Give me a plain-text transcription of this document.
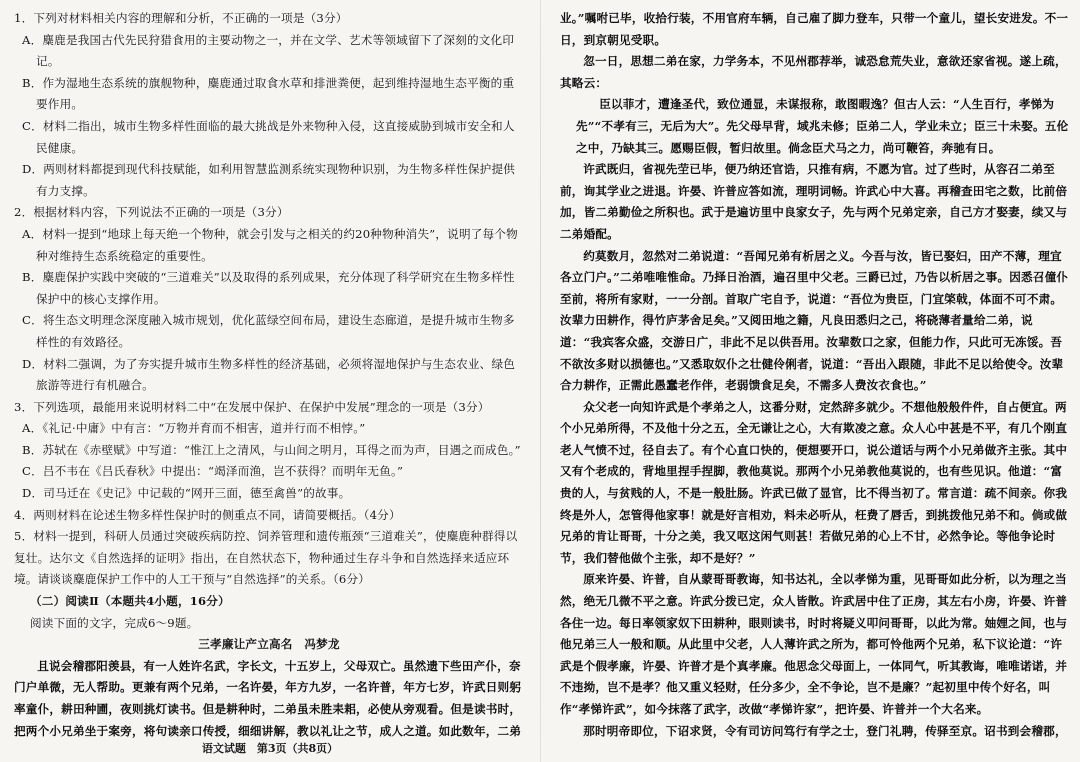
1．下列对材料相关内容的理解和分析，不正确的一项是（3分）

A．麋鹿是我国古代先民狩猎食用的主要动物之一，并在文学、艺术等领域留下了深刻的文化印记。

B．作为湿地生态系统的旗舰物种，麋鹿通过取食水草和排泄粪便，起到维持湿地生态平衡的重要作用。

C．材料二指出，城市生物多样性面临的最大挑战是外来物种入侵，这直接威胁到城市安全和人民健康。

D．两则材料都提到现代科技赋能，如利用智慧监测系统实现物种识别，为生物多样性保护提供有力支撑。

2．根据材料内容，下列说法不正确的一项是（3分）

A．材料一提到“地球上每天绝一个物种，就会引发与之相关的约20种物种消失”，说明了每个物种对维持生态系统稳定的重要性。

B．麋鹿保护实践中突破的“三道难关”以及取得的系列成果，充分体现了科学研究在生物多样性保护中的核心支撑作用。

C．将生态文明理念深度融入城市规划，优化蓝绿空间布局，建设生态廊道，是提升城市生物多样性的有效路径。

D．材料二强调，为了夯实提升城市生物多样性的经济基础，必须将湿地保护与生态农业、绿色旅游等进行有机融合。

3．下列选项，最能用来说明材料二中“在发展中保护、在保护中发展”理念的一项是（3分）

A．《礼记·中庸》中有言：“万物并育而不相害，道并行而不相悖。”

B．苏轼在《赤壁赋》中写道：“惟江上之清风，与山间之明月，耳得之而为声，目遇之而成色。”

C．吕不韦在《吕氏春秋》中提出：“竭泽而渔，岂不获得？而明年无鱼。”

D．司马迁在《史记》中记载的“网开三面，德至禽兽”的故事。

4．两则材料在论述生物多样性保护时的侧重点不同，请简要概括。（4分）

5．材料一提到，科研人员通过突破疾病防控、饲养管理和遗传瓶颈“三道难关”，使麋鹿种群得以复壮。达尔文《自然选择的证明》指出，在自然状态下，物种通过生存斗争和自然选择来适应环境。请谈谈麋鹿保护工作中的人工干预与“自然选择”的关系。（6分）

（二）阅读Ⅱ（本题共4小题，16分）

阅读下面的文字，完成6～9题。

三孝廉让产立高名　冯梦龙

且说会稽郡阳羡县，有一人姓许名武，字长文，十五岁上，父母双亡。虽然遗下些田产仆，奈门户单微，无人帮助。更兼有两个兄弟，一名许晏，年方九岁，一名许普，年方七岁，许武日则躬率童仆，耕田种圃，夜则挑灯读书。但是耕种时，二弟虽未胜耒耜，必使从旁观看。但是读书时，把两个小兄弟坐于案旁，将句读亲口传授，细细讲解，教以礼让之节，成人之道。如此数年，二弟

语文试题　第3页（共8页）

业。”嘱咐已毕，收拾行装，不用官府车辆，自己雇了脚力登车，只带一个童儿，望长安进发。不一日，到京朝见受职。

忽一日，思想二弟在家，力学务本，不见州郡荐举，诚恐怠荒失业，意欲还家省视。遂上疏，其略云：

臣以菲才，遭逢圣代，致位通显，未谋报称，敢图暇逸？但古人云：“人生百行，孝悌为先”“不孝有三，无后为大”。先父母早背，域兆未修；臣弟二人，学业未立；臣三十未娶。五伦之中，乃缺其三。愿赐臣假，暂归故里。倘念臣犬马之力，尚可鞭笞，奔驰有日。

许武既归，省视先茔已毕，便乃纳还官诰，只推有病，不愿为官。过了些时，从容召二弟至前，询其学业之进退。许晏、许普应答如流，理明词畅。许武心中大喜。再稽查田宅之数，比前倍加，皆二弟勤俭之所积也。武于是遍访里中良家女子，先与两个兄弟定亲，自己方才娶妻，续又与二弟婚配。

约莫数月，忽然对二弟说道：“吾闻兄弟有析居之义。今吾与汝，皆已娶妇，田产不薄，理宜各立门户。”二弟唯唯惟命。乃择日治酒，遍召里中父老。三爵已过，乃告以析居之事。因悉召僮仆至前，将所有家财，一一分剖。首取广宅自予，说道：“吾位为贵臣，门宜棨戟，体面不可不肃。汝辈力田耕作，得竹庐茅舍足矣。”又阅田地之籍，凡良田悉归之己，将硗薄者量给二弟，说道：“我宾客众盛，交游日广，非此不足以供吾用。汝辈数口之家，但能力作，只此可无冻馁。吾不欲汝多财以损德也。”又悉取奴仆之壮健伶俐者，说道：“吾出入跟随，非此不足以给使令。汝辈合力耕作，正需此愚蠢老作伴，老弱馈食足矣，不需多人费汝衣食也。”

众父老一向知许武是个孝弟之人，这番分财，定然辞多就少。不想他般般件件，自占便宜。两个小兄弟所得，不及他十分之五，全无谦让之心，大有欺凌之意。众人心中甚是不平，有几个刚直老人气愤不过，径自去了。有个心直口快的，便想要开口，说公道话与两个小兄弟做齐主张。其中又有个老成的，背地里捏手捏脚，教他莫说。那两个小兄弟教他莫说的，也有些见识。他道：“富贵的人，与贫贱的人，不是一般肚肠。许武已做了显官，比不得当初了。常言道：疏不间亲。你我终是外人，怎管得他家事！就是好言相劝，料未必听从，枉费了唇舌，到挑拨他兄弟不和。倘或做兄弟的肯让哥哥，十分之美，我又呕这闲气则甚！若做兄弟的心上不甘，必然争论。等他争论时节，我们替他做个主张，却不是好？”

原来许晏、许普，自从蒙哥哥教诲，知书达礼，全以孝悌为重，见哥哥如此分析，以为理之当然，绝无几微不平之意。许武分拨已定，众人皆散。许武居中住了正房，其左右小房，许晏、许普各住一边。每日率领家奴下田耕种，眼则读书，时时将疑义叩问哥哥，以此为常。妯娌之间，也与他兄弟三人一般和顺。从此里中父老，人人薄许武之所为，都可怜他两个兄弟，私下议论道：“许武是个假孝廉，许晏、许普才是个真孝廉。他思念父母面上，一体同气，听其教诲，唯唯诺诺，并不违拗，岂不是孝？他又重义轻财，任分多少，全不争论，岂不是廉？”起初里中传个好名，叫作“孝悌许武”，如今抹落了武字，改做“孝悌许家”，把许晏、许普并一个大名来。

那时明帝即位，下诏求贤，令有司访问笃行有学之士，登门礼聘，传驿至京。诏书到会稽郡，
